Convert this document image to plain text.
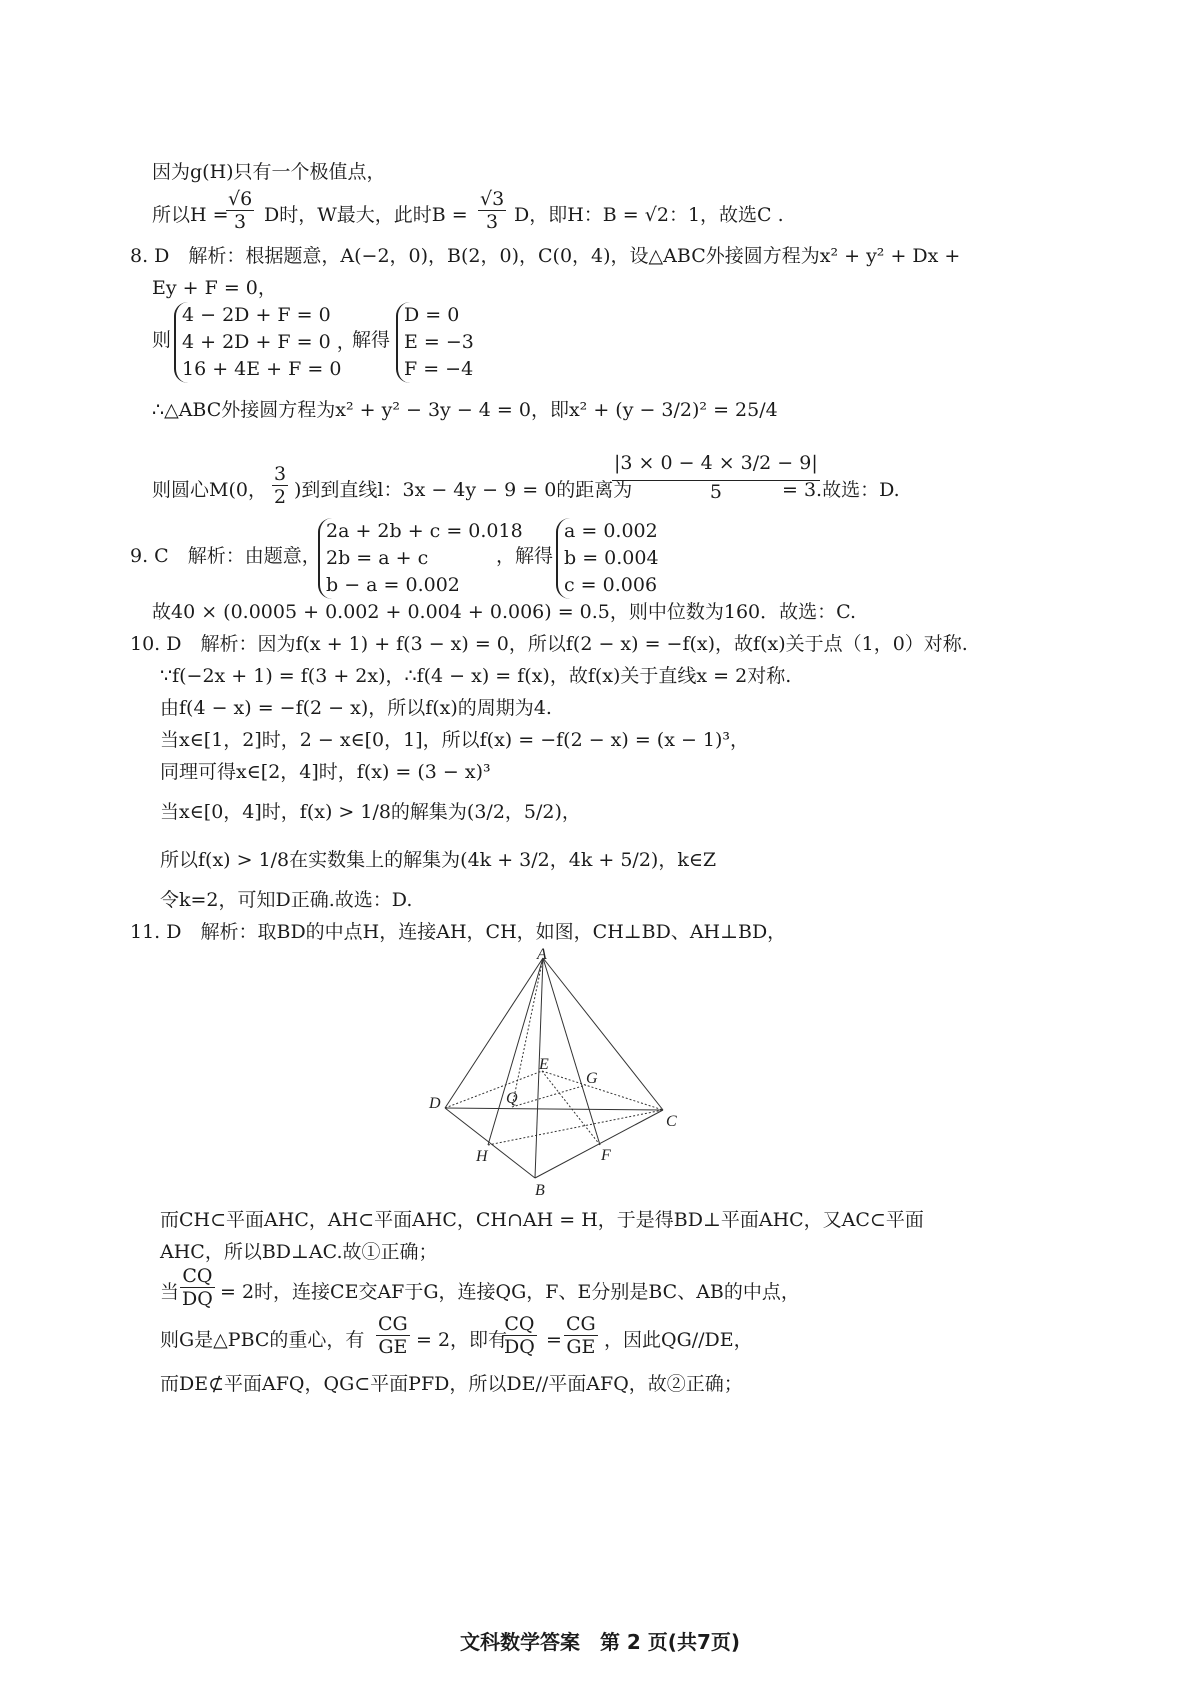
因为g(H)只有一个极值点，
所以H =
$\frac{√6}{3}$ D时，W最大，此时$B = \frac{√3}{3}$ D，即H：B = √2：1，故选C .
8. D　解析：根据题意，A(−2，0)，B(2，0)，C(0，4)，设△ABC外接圆方程为x² + y² + Dx +
Ey + F = 0，
则
4 − 2D + F = 0
4 + 2D + F = 0 ，
16 + 4E + F = 0
解得
D = 0
E = −3
F = −4
∴△ABC外接圆方程为x² + y² − 3y − 4 = 0，即x² + (y − 3/2)² = 25/4
则圆心M(0， $\frac{3}{2}$ )到到直线l：3x − 4y − 9 = 0的距离为
$\frac{|3 \times 0 - 4 \times 3/2 - 9|}{5}$
= 3.故选：D.
9. C　解析：由题意，
2a + 2b + c = 0.018
2b = a + c
b − a = 0.002
，解得
a = 0.002
b = 0.004
c = 0.006
故40 × (0.0005 + 0.002 + 0.004 + 0.006) = 0.5，则中位数为160．故选：C.
10. D　解析：因为f(x + 1) + f(3 − x) = 0，所以f(2 − x) = −f(x)，故f(x)关于点（1，0）对称.
∵f(−2x + 1) = f(3 + 2x)，∴f(4 − x) = f(x)，故f(x)关于直线x = 2对称.
由f(4 − x) = −f(2 − x)，所以f(x)的周期为4.
当x∈[1，2]时，2 − x∈[0，1]，所以f(x) = −f(2 − x) = (x − 1)³，
同理可得x∈[2，4]时，f(x) = (3 − x)³
当x∈[0，4]时，f(x) > 1/8的解集为(3/2，5/2)，
所以f(x) > 1/8在实数集上的解集为(4k + 3/2，4k + 5/2)，k∈Z
令k=2，可知D正确.故选：D.
11. D　解析：取BD的中点H，连接AH，CH，如图，CH⊥BD、AH⊥BD，
A
B
C
D
E
F
G
H
Q
而CH⊂平面AHC，AH⊂平面AHC，CH∩AH = H，于是得BD⊥平面AHC，又AC⊂平面
AHC，所以BD⊥AC.故①正确；
当 $\frac{CQ}{DQ} = 2$时，连接CE交AF于G，连接QG，F、E分别是BC、AB的中点，
则G是△PBC的重心，有 $\frac{CG}{GE} = 2$，即有
$\frac{CQ}{DQ} = \frac{CG}{GE}$ ，因此QG//DE，
而DE⊄平面AFQ，QG⊂平面PFD，所以DE//平面AFQ，故②正确；
文科数学答案　第 2 页(共7页)
